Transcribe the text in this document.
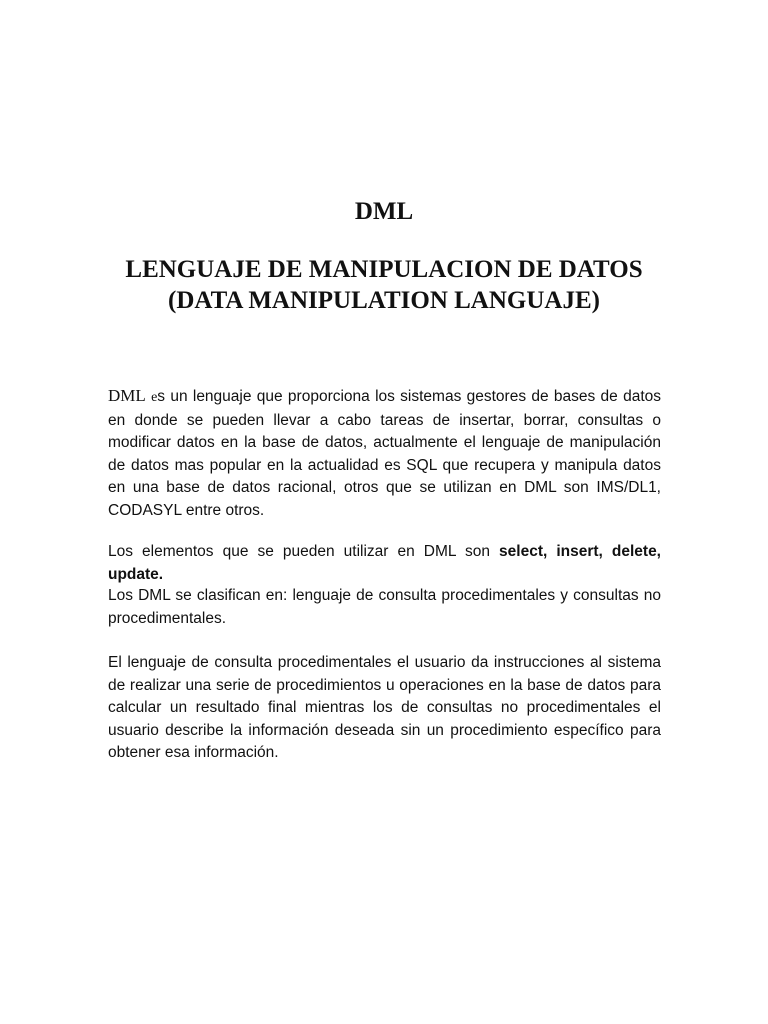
DML
LENGUAJE DE MANIPULACION DE DATOS
(DATA MANIPULATION LANGUAJE)

DML es un lenguaje que proporciona los sistemas gestores de bases de datos en donde se pueden llevar a cabo tareas de insertar, borrar, consultas o modificar datos en la base de datos, actualmente el lenguaje de manipulación de datos mas popular en la actualidad es SQL que recupera y manipula datos en una base de datos racional, otros que se utilizan en DML son IMS/DL1, CODASYL entre otros.

Los elementos que se pueden utilizar en DML son select, insert, delete, update.

Los DML se clasifican en: lenguaje de consulta procedimentales y consultas no procedimentales.

El lenguaje de consulta procedimentales el usuario da instrucciones al sistema de realizar una serie de procedimientos u operaciones en la base de datos para calcular un resultado final mientras los de consultas no procedimentales el usuario describe la información deseada sin un procedimiento específico para obtener esa información.
